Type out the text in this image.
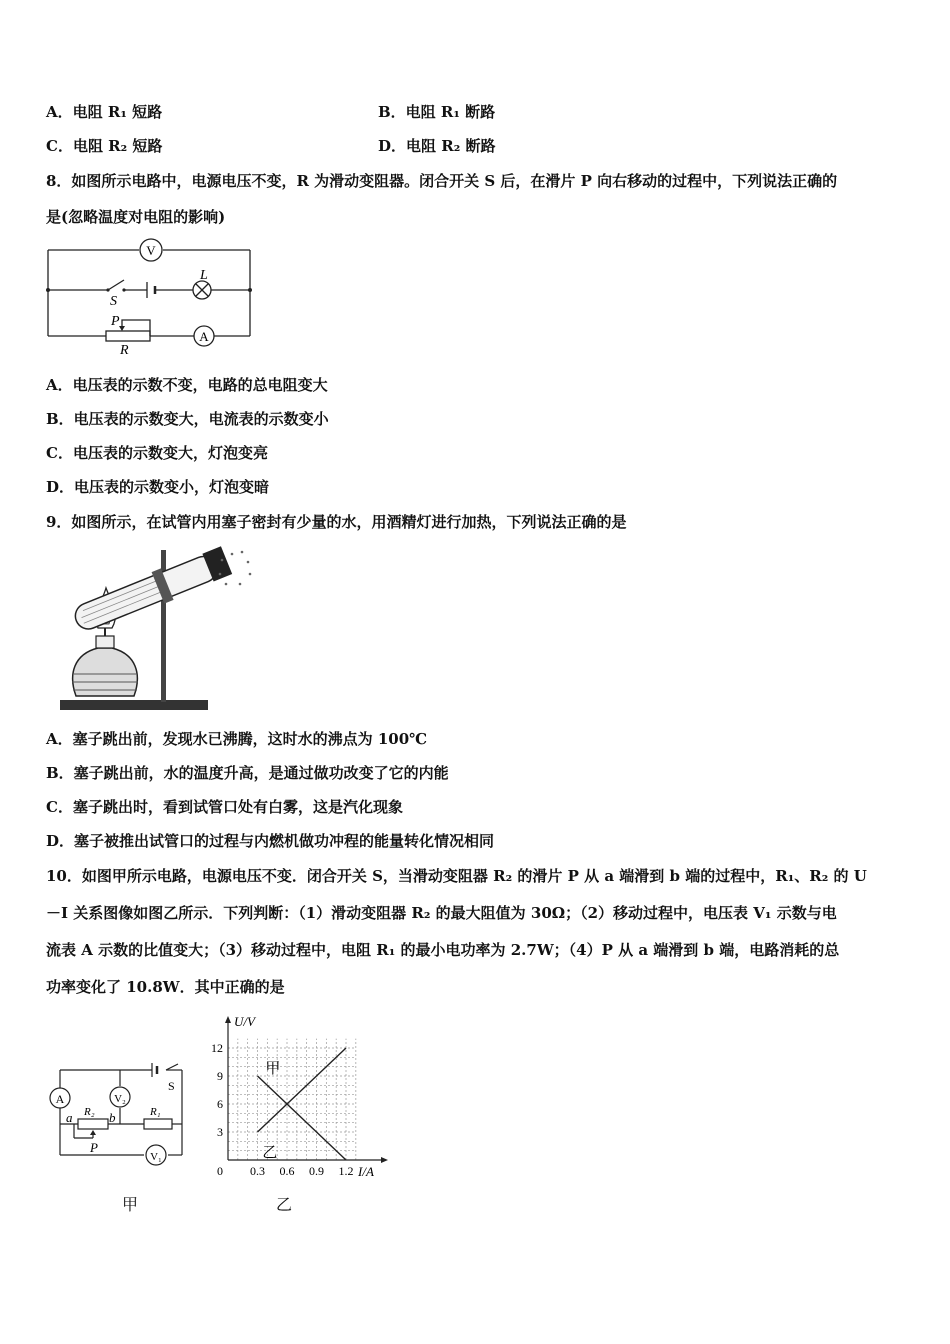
A．电阻 R₁ 短路	B．电阻 R₁ 断路
C．电阻 R₂ 短路	D．电阻 R₂ 断路
8．如图所示电路中，电源电压不变，R 为滑动变阻器。闭合开关 S 后，在滑片 P 向右移动的过程中，下列说法正确的
是(忽略温度对电阻的影响)
V
L
A
S
P
R
A．电压表的示数不变，电路的总电阻变大
B．电压表的示数变大，电流表的示数变小
C．电压表的示数变大，灯泡变亮
D．电压表的示数变小，灯泡变暗
9．如图所示，在试管内用塞子密封有少量的水，用酒精灯进行加热，下列说法正确的是
A．塞子跳出前，发现水已沸腾，这时水的沸点为 100℃
B．塞子跳出前，水的温度升高，是通过做功改变了它的内能
C．塞子跳出时，看到试管口处有白雾，这是汽化现象
D．塞子被推出试管口的过程与内燃机做功冲程的能量转化情况相同
10．如图甲所示电路，电源电压不变．闭合开关 S，当滑动变阻器 R₂ 的滑片 P 从 a 端滑到 b 端的过程中，R₁、R₂ 的 U
－I 关系图像如图乙所示．下列判断：（1）滑动变阻器 R₂ 的最大阻值为 30Ω；（2）移动过程中，电压表 V₁ 示数与电
流表 A 示数的比值变大；（3）移动过程中，电阻 R₁ 的最小电功率为 2.7W；（4）P 从 a 端滑到 b 端，电路消耗的总
功率变化了 10.8W．其中正确的是
A	V₂
V₁
S
R₂	R₁
a	b
P
甲
U/V
I/A
0 0.3 0.6 0.9 1.2
3
6
9
12
甲
乙
乙
